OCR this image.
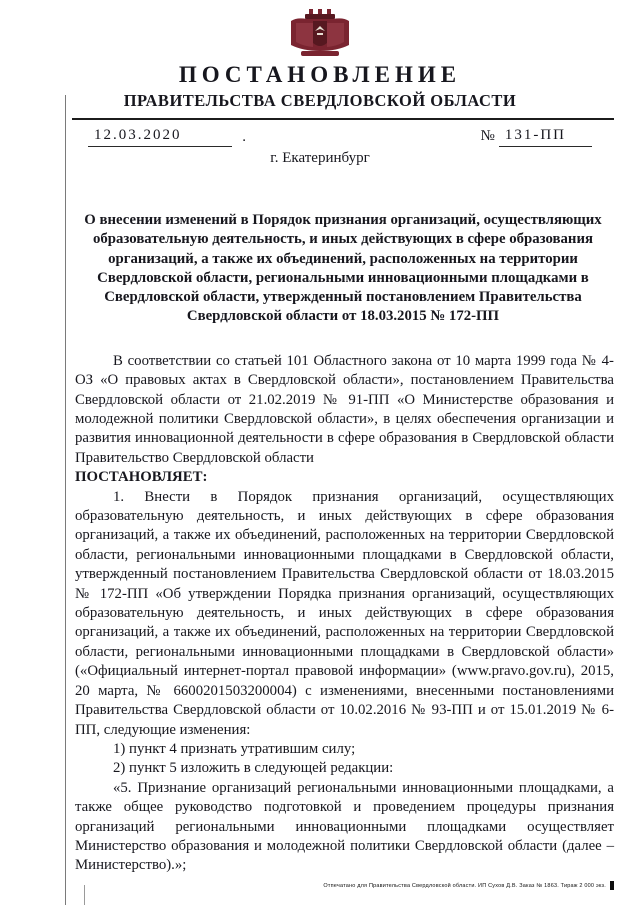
ПОСТАНОВЛЕНИЕ
ПРАВИТЕЛЬСТВА СВЕРДЛОВСКОЙ ОБЛАСТИ
12.03.2020	.	№ 131-ПП
г. Екатеринбург
О внесении изменений в Порядок признания организаций, осуществляющих образовательную деятельность, и иных действующих в сфере образования организаций, а также их объединений, расположенных на территории Свердловской области, региональными инновационными площадками в Свердловской области, утвержденный постановлением Правительства Свердловской области от 18.03.2015 № 172-ПП

В соответствии со статьей 101 Областного закона от 10 марта 1999 года № 4-ОЗ «О правовых актах в Свердловской области», постановлением Правительства Свердловской области от 21.02.2019 № 91-ПП «О Министерстве образования и молодежной политики Свердловской области», в целях обеспечения организации и развития инновационной деятельности в сфере образования в Свердловской области Правительство Свердловской области

ПОСТАНОВЛЯЕТ:

1. Внести в Порядок признания организаций, осуществляющих образовательную деятельность, и иных действующих в сфере образования организаций, а также их объединений, расположенных на территории Свердловской области, региональными инновационными площадками в Свердловской области, утвержденный постановлением Правительства Свердловской области от 18.03.2015 № 172-ПП «Об утверждении Порядка признания организаций, осуществляющих образовательную деятельность, и иных действующих в сфере образования организаций, а также их объединений, расположенных на территории Свердловской области, региональными инновационными площадками в Свердловской области» («Официальный интернет-портал правовой информации» (www.pravo.gov.ru), 2015, 20 марта, № 6600201503200004) с изменениями, внесенными постановлениями Правительства Свердловской области от 10.02.2016 № 93-ПП и от 15.01.2019 № 6-ПП, следующие изменения:

1) пункт 4 признать утратившим силу;

2) пункт 5 изложить в следующей редакции:

«5. Признание организаций региональными инновационными площадками, а также общее руководство подготовкой и проведением процедуры признания организаций региональными инновационными площадками осуществляет Министерство образования и молодежной политики Свердловской области (далее – Министерство).»;

Отпечатано для Правительства Свердловской области. ИП Сухов Д.В. Заказ № 1863. Тираж 2 000 экз.
